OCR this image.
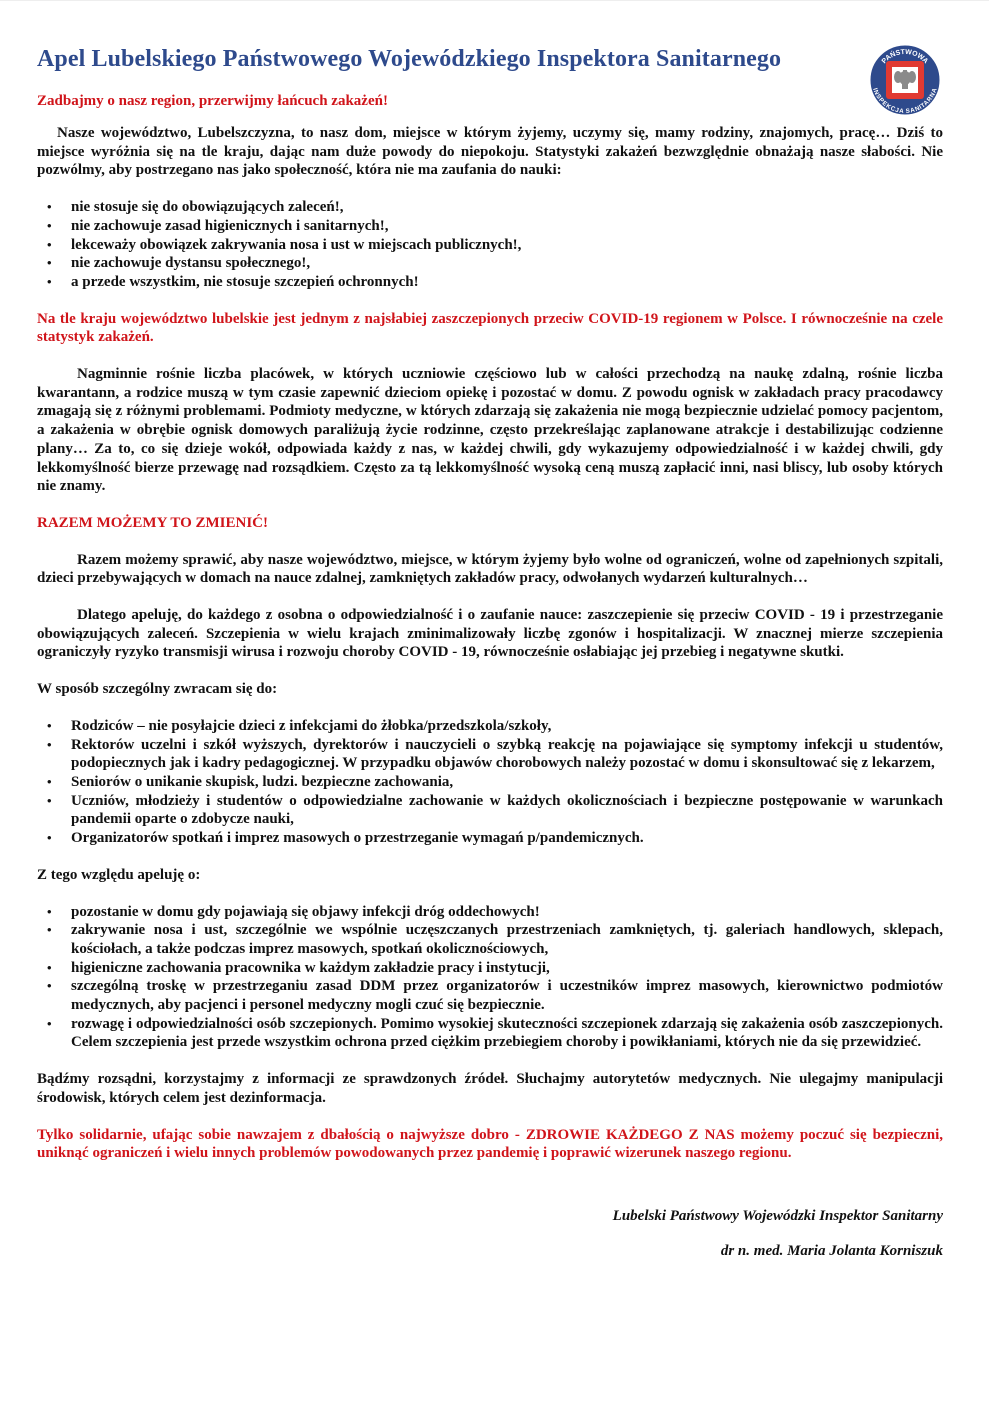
Apel Lubelskiego Państwowego Wojewódzkiego Inspektora Sanitarnego	PAŃSTWOWA
INSPEKCJA SANITARNA
Zadbajmy o nasz region, przerwijmy łańcuch zakażeń!

Nasze województwo, Lubelszczyzna, to nasz dom, miejsce w którym żyjemy, uczymy się, mamy rodziny, znajomych, pracę… Dziś to miejsce wyróżnia się na tle kraju, dając nam duże powody do niepokoju. Statystyki zakażeń bezwzględnie obnażają nasze słabości. Nie pozwólmy, aby postrzegano nas jako społeczność, która nie ma zaufania do nauki:

• nie stosuje się do obowiązujących zaleceń!,
• nie zachowuje zasad higienicznych i sanitarnych!,
• lekceważy obowiązek zakrywania nosa i ust w miejscach publicznych!,
• nie zachowuje dystansu społecznego!,
• a przede wszystkim, nie stosuje szczepień ochronnych!

Na tle kraju województwo lubelskie jest jednym z najsłabiej zaszczepionych przeciw COVID-19 regionem w Polsce. I równocześnie na czele statystyk zakażeń.

Nagminnie rośnie liczba placówek, w których uczniowie częściowo lub w całości przechodzą na naukę zdalną, rośnie liczba kwarantann, a rodzice muszą w tym czasie zapewnić dzieciom opiekę i pozostać w domu. Z powodu ognisk w zakładach pracy pracodawcy zmagają się z różnymi problemami. Podmioty medyczne, w których zdarzają się zakażenia nie mogą bezpiecznie udzielać pomocy pacjentom, a zakażenia w obrębie ognisk domowych paraliżują życie rodzinne, często przekreślając zaplanowane atrakcje i destabilizując codzienne plany… Za to, co się dzieje wokół, odpowiada każdy z nas, w każdej chwili, gdy wykazujemy odpowiedzialność i w każdej chwili, gdy lekkomyślność bierze przewagę nad rozsądkiem. Często za tą lekkomyślność wysoką ceną muszą zapłacić inni, nasi bliscy, lub osoby których nie znamy.

RAZEM MOŻEMY TO ZMIENIĆ!

Razem możemy sprawić, aby nasze województwo, miejsce, w którym żyjemy było wolne od ograniczeń, wolne od zapełnionych szpitali, dzieci przebywających w domach na nauce zdalnej, zamkniętych zakładów pracy, odwołanych wydarzeń kulturalnych…

Dlatego apeluję, do każdego z osobna o odpowiedzialność i o zaufanie nauce: zaszczepienie się przeciw COVID - 19 i przestrzeganie obowiązujących zaleceń. Szczepienia w wielu krajach zminimalizowały liczbę zgonów i hospitalizacji. W znacznej mierze szczepienia ograniczyły ryzyko transmisji wirusa i rozwoju choroby COVID - 19, równocześnie osłabiając jej przebieg i negatywne skutki.

W sposób szczególny zwracam się do:

• Rodziców – nie posyłajcie dzieci z infekcjami do żłobka/przedszkola/szkoły,
• Rektorów uczelni i szkół wyższych, dyrektorów i nauczycieli o szybką reakcję na pojawiające się symptomy infekcji u studentów, podopiecznych jak i kadry pedagogicznej. W przypadku objawów chorobowych należy pozostać w domu i skonsultować się z lekarzem,
• Seniorów o unikanie skupisk, ludzi. bezpieczne zachowania,
• Uczniów, młodzieży i studentów o odpowiedzialne zachowanie w każdych okolicznościach i bezpieczne postępowanie w warunkach pandemii oparte o zdobycze nauki,
• Organizatorów spotkań i imprez masowych o przestrzeganie wymagań p/pandemicznych.

Z tego względu apeluję o:

• pozostanie w domu gdy pojawiają się objawy infekcji dróg oddechowych!
• zakrywanie nosa i ust, szczególnie we wspólnie uczęszczanych przestrzeniach zamkniętych, tj. galeriach handlowych, sklepach, kościołach, a także podczas imprez masowych, spotkań okolicznościowych,
• higieniczne zachowania pracownika w każdym zakładzie pracy i instytucji,
• szczególną troskę w przestrzeganiu zasad DDM przez organizatorów i uczestników imprez masowych, kierownictwo podmiotów medycznych, aby pacjenci i personel medyczny mogli czuć się bezpiecznie.
• rozwagę i odpowiedzialności osób szczepionych. Pomimo wysokiej skuteczności szczepionek zdarzają się zakażenia osób zaszczepionych. Celem szczepienia jest przede wszystkim ochrona przed ciężkim przebiegiem choroby i powikłaniami, których nie da się przewidzieć.

Bądźmy rozsądni, korzystajmy z informacji ze sprawdzonych źródeł. Słuchajmy autorytetów medycznych. Nie ulegajmy manipulacji środowisk, których celem jest dezinformacja.

Tylko solidarnie, ufając sobie nawzajem z dbałością o najwyższe dobro - ZDROWIE KAŻDEGO Z NAS możemy poczuć się bezpieczni, uniknąć ograniczeń i wielu innych problemów powodowanych przez pandemię i poprawić wizerunek naszego regionu.

Lubelski Państwowy Wojewódzki Inspektor Sanitarny

dr n. med. Maria Jolanta Korniszuk
